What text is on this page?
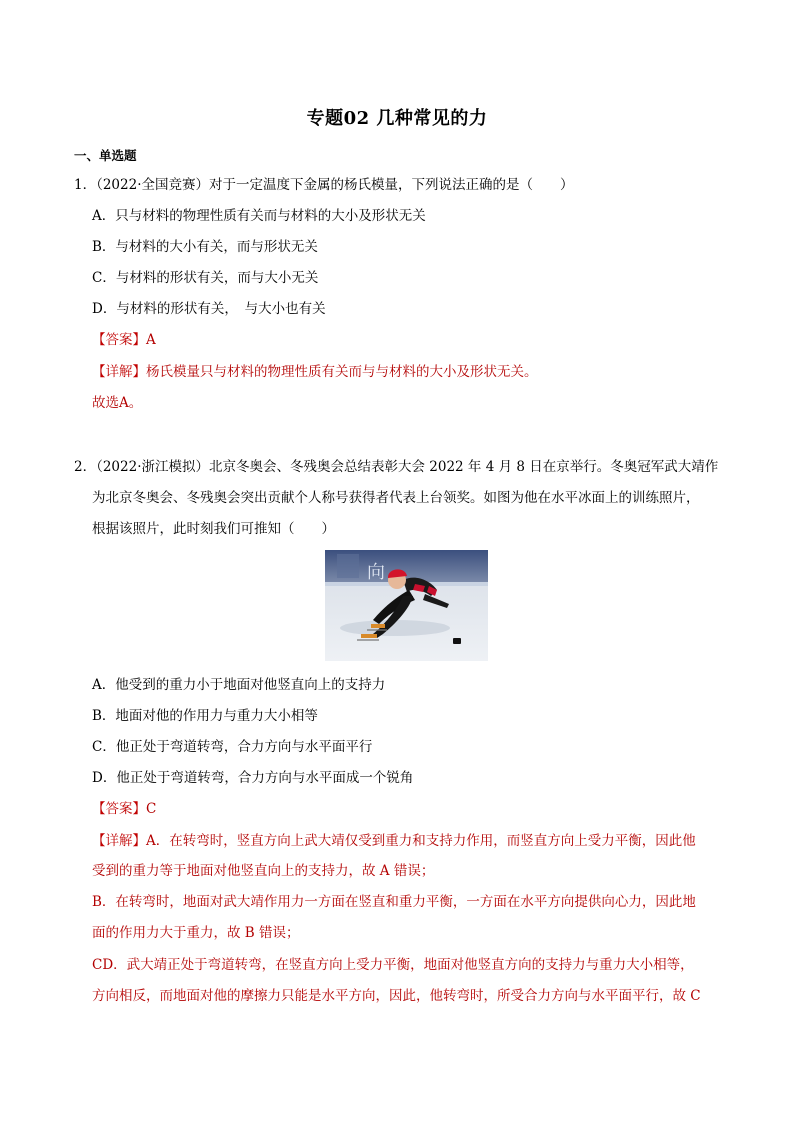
专题02 几种常见的力
一、单选题
1．（2022·全国竞赛）对于一定温度下金属的杨氏模量，下列说法正确的是（　　）
A．只与材料的物理性质有关而与材料的大小及形状无关
B．与材料的大小有关，而与形状无关
C．与材料的形状有关，而与大小无关
D．与材料的形状有关，　与大小也有关
【答案】A
【详解】杨氏模量只与材料的物理性质有关而与与材料的大小及形状无关。
故选A。
2．（2022·浙江模拟）北京冬奥会、冬残奥会总结表彰大会 2022 年 4 月 8 日在京举行。冬奥冠军武大靖作
为北京冬奥会、冬残奥会突出贡献个人称号获得者代表上台领奖。如图为他在水平冰面上的训练照片，
根据该照片，此时刻我们可推知（　　）
向
A．他受到的重力小于地面对他竖直向上的支持力
B．地面对他的作用力与重力大小相等
C．他正处于弯道转弯，合力方向与水平面平行
D．他正处于弯道转弯，合力方向与水平面成一个锐角
【答案】C
【详解】A．在转弯时，竖直方向上武大靖仅受到重力和支持力作用，而竖直方向上受力平衡，因此他
受到的重力等于地面对他竖直向上的支持力，故 A 错误；
B．在转弯时，地面对武大靖作用力一方面在竖直和重力平衡，一方面在水平方向提供向心力，因此地
面的作用力大于重力，故 B 错误；
CD．武大靖正处于弯道转弯，在竖直方向上受力平衡，地面对他竖直方向的支持力与重力大小相等，
方向相反，而地面对他的摩擦力只能是水平方向，因此，他转弯时，所受合力方向与水平面平行，故 C
